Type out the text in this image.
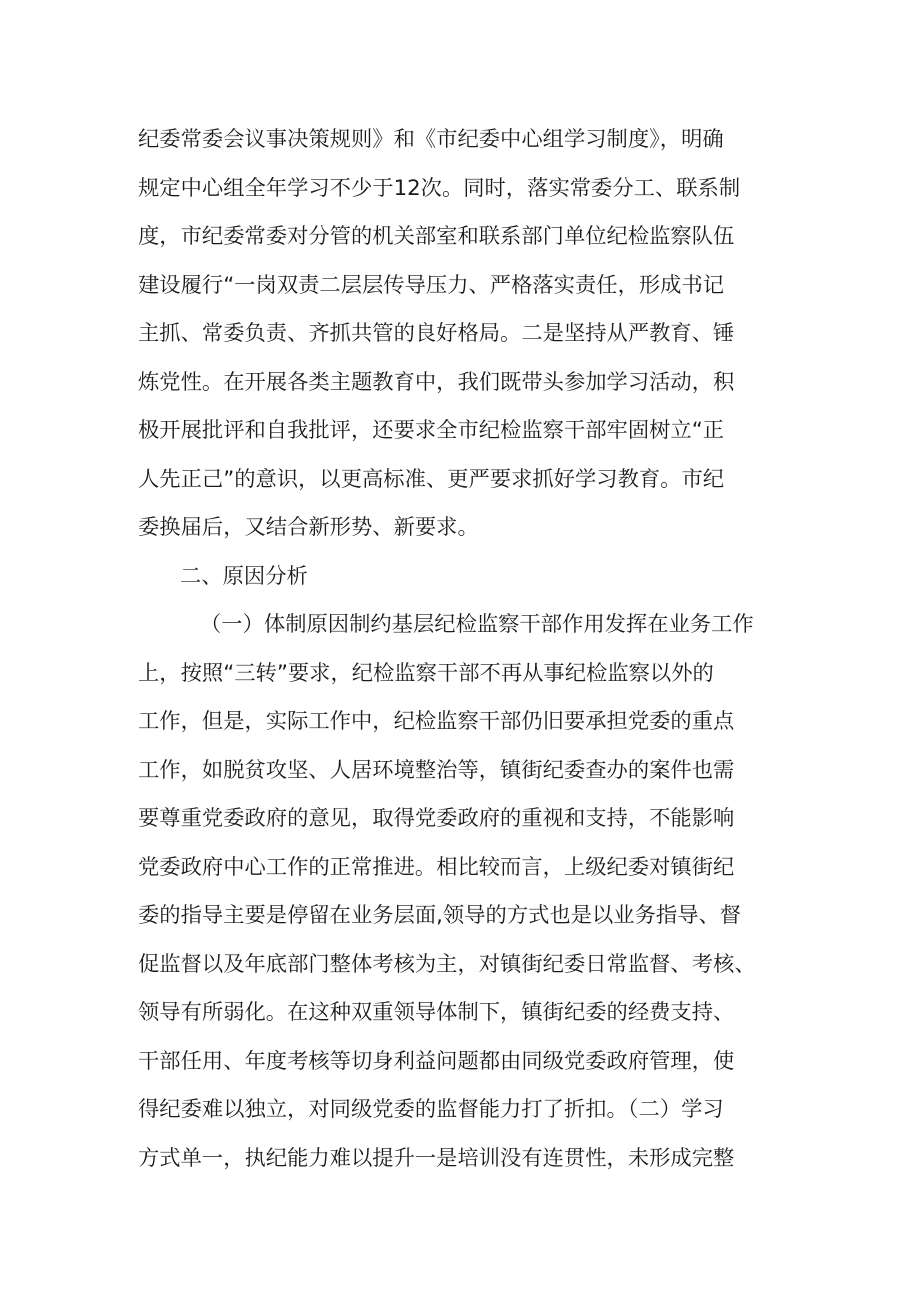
纪委常委会议事决策规则》和《市纪委中心组学习制度》，明确
规定中心组全年学习不少于12次。同时，落实常委分工、联系制
度，市纪委常委对分管的机关部室和联系部门单位纪检监察队伍
建设履行“一岗双责二层层传导压力、严格落实责任，形成书记
主抓、常委负责、齐抓共管的良好格局。二是坚持从严教育、锤
炼党性。在开展各类主题教育中，我们既带头参加学习活动，积
极开展批评和自我批评，还要求全市纪检监察干部牢固树立“正
人先正己”的意识，以更高标准、更严要求抓好学习教育。市纪
委换届后，又结合新形势、新要求。
二、原因分析
（一）体制原因制约基层纪检监察干部作用发挥在业务工作
上，按照“三转”要求，纪检监察干部不再从事纪检监察以外的
工作，但是，实际工作中，纪检监察干部仍旧要承担党委的重点
工作，如脱贫攻坚、人居环境整治等，镇街纪委查办的案件也需
要尊重党委政府的意见，取得党委政府的重视和支持，不能影响
党委政府中心工作的正常推进。相比较而言，上级纪委对镇街纪
委的指导主要是停留在业务层面,领导的方式也是以业务指导、督
促监督以及年底部门整体考核为主，对镇街纪委日常监督、考核、
领导有所弱化。在这种双重领导体制下，镇街纪委的经费支持、
干部任用、年度考核等切身利益问题都由同级党委政府管理，使
得纪委难以独立，对同级党委的监督能力打了折扣。（二）学习
方式单一，执纪能力难以提升一是培训没有连贯性，未形成完整
